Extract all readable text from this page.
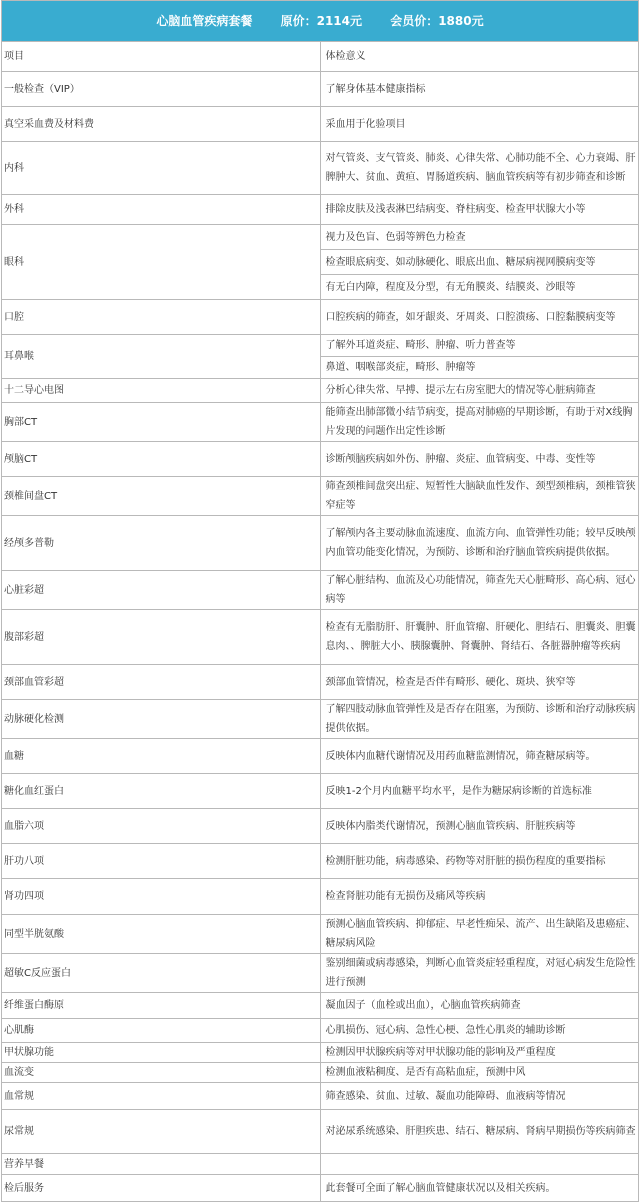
心脑血管疾病套餐 原价：2114元 会员价：1880元	
项目	体检意义
一般检查（VIP）	了解身体基本健康指标
真空采血费及材料费	采血用于化验项目
内科	对气管炎、支气管炎、肺炎、心律失常、心肺功能不全、心力衰竭、肝脾肿大、贫血、黄疸、胃肠道疾病、脑血管疾病等有初步筛查和诊断
外科	排除皮肤及浅表淋巴结病变、脊柱病变、检查甲状腺大小等
眼科	视力及色盲、色弱等辨色力检查
	检查眼底病变、如动脉硬化、眼底出血、糖尿病视网膜病变等
	有无白内障，程度及分型，有无角膜炎、结膜炎、沙眼等
口腔	口腔疾病的筛查，如牙龈炎、牙周炎、口腔溃疡、口腔黏膜病变等
耳鼻喉	了解外耳道炎症、畸形、肿瘤、听力普查等
	鼻道、咽喉部炎症，畸形、肿瘤等
十二导心电图	分析心律失常、早搏、提示左右房室肥大的情况等心脏病筛查
胸部CT	能筛查出肺部微小结节病变，提高对肺癌的早期诊断，有助于对X线胸片发现的问题作出定性诊断
颅脑CT	诊断颅脑疾病如外伤、肿瘤、炎症、血管病变、中毒、变性等
颈椎间盘CT	筛查颈椎间盘突出症、短暂性大脑缺血性发作、颈型颈椎病，颈椎管狭窄症等
经颅多普勒	了解颅内各主要动脉血流速度、血流方向、血管弹性功能；较早反映颅内血管功能变化情况，为预防、诊断和治疗脑血管疾病提供依据。
心脏彩超	了解心脏结构、血流及心功能情况，筛查先天心脏畸形、高心病、冠心病等
腹部彩超	检查有无脂肪肝、肝囊肿、肝血管瘤、肝硬化、胆结石、胆囊炎、胆囊息肉、、脾脏大小、胰腺囊肿、肾囊肿、肾结石、各脏器肿瘤等疾病
颈部血管彩超	颈部血管情况，检查是否伴有畸形、硬化、斑块、狭窄等
动脉硬化检测	了解四肢动脉血管弹性及是否存在阻塞，为预防、诊断和治疗动脉疾病提供依据。
血糖	反映体内血糖代谢情况及用药血糖监测情况，筛查糖尿病等。
糖化血红蛋白	反映1-2个月内血糖平均水平，是作为糖尿病诊断的首选标准
血脂六项	反映体内脂类代谢情况，预测心脑血管疾病、肝脏疾病等
肝功八项	检测肝脏功能，病毒感染、药物等对肝脏的损伤程度的重要指标
肾功四项	检查肾脏功能有无损伤及痛风等疾病
同型半胱氨酸	预测心脑血管疾病、抑郁症、早老性痴呆、流产、出生缺陷及患癌症、糖尿病风险
超敏C反应蛋白	鉴别细菌或病毒感染，判断心血管炎症轻重程度，对冠心病发生危险性进行预测
纤维蛋白酶原	凝血因子（血栓或出血），心脑血管疾病筛查
心肌酶	心肌损伤、冠心病、急性心梗、急性心肌炎的辅助诊断
甲状腺功能	检测因甲状腺疾病等对甲状腺功能的影响及严重程度
血流变	检测血液粘稠度、是否有高粘血症，预测中风
血常规	筛查感染、贫血、过敏、凝血功能障碍、血液病等情况
尿常规	对泌尿系统感染、肝胆疾患、结石、糖尿病、肾病早期损伤等疾病筛查
营养早餐	
检后服务	此套餐可全面了解心脑血管健康状况以及相关疾病。
